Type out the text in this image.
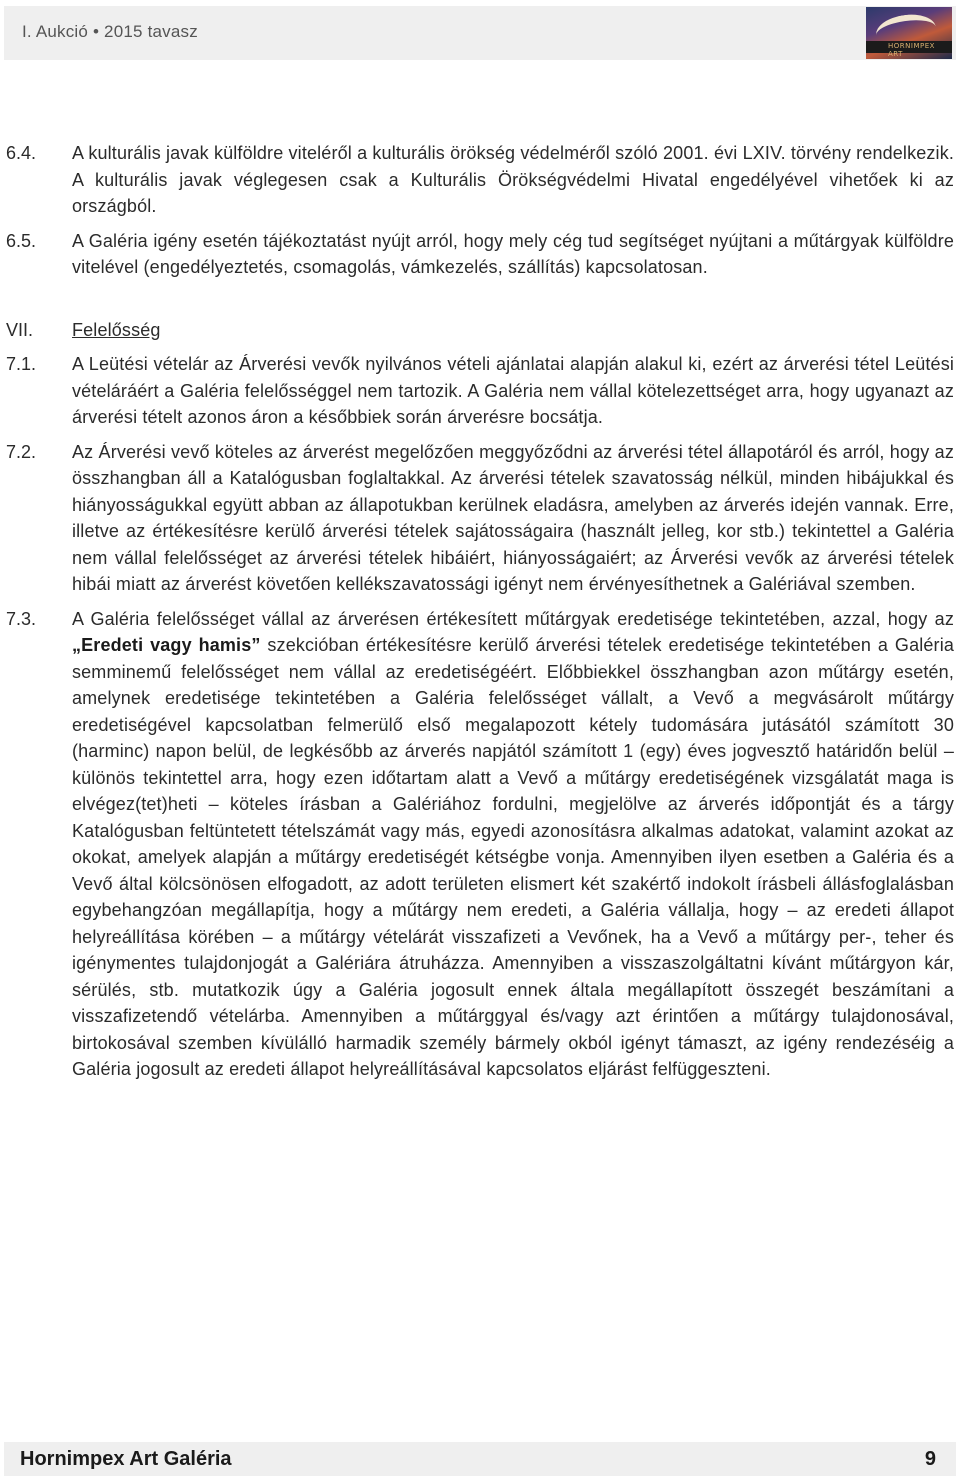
I. Aukció • 2015 tavasz
HORNIMPEX ART
6.4. A kulturális javak külföldre viteléről a kulturális örökség védelméről szóló 2001. évi LXIV. törvény rendelkezik. A kulturális javak véglegesen csak a Kulturális Örökségvédelmi Hivatal engedélyével vihetőek ki az országból.
6.5. A Galéria igény esetén tájékoztatást nyújt arról, hogy mely cég tud segítséget nyújtani a műtárgyak külföldre vitelével (engedélyeztetés, csomagolás, vámkezelés, szállítás) kapcsolatosan.
VII. Felelősség
7.1. A Leütési vételár az Árverési vevők nyilvános vételi ajánlatai alapján alakul ki, ezért az árverési tétel Leütési vételáráért a Galéria felelősséggel nem tartozik. A Galéria nem vállal kötelezettséget arra, hogy ugyanazt az árverési tételt azonos áron a későbbiek során árverésre bocsátja.
7.2. Az Árverési vevő köteles az árverést megelőzően meggyőződni az árverési tétel állapotáról és arról, hogy az összhangban áll a Katalógusban foglaltakkal. Az árverési tételek szavatosság nélkül, minden hibájukkal és hiányosságukkal együtt abban az állapotukban kerülnek eladásra, amelyben az árverés idején vannak. Erre, illetve az értékesítésre kerülő árverési tételek sajátosságaira (használt jelleg, kor stb.) tekintettel a Galéria nem vállal felelősséget az árverési tételek hibáiért, hiányosságaiért; az Árverési vevők az árverési tételek hibái miatt az árverést követően kellékszavatossági igényt nem érvényesíthetnek a Galériával szemben.
7.3. A Galéria felelősséget vállal az árverésen értékesített műtárgyak eredetisége tekintetében, azzal, hogy az „Eredeti vagy hamis” szekcióban értékesítésre kerülő árverési tételek eredetisége tekintetében a Galéria semminemű felelősséget nem vállal az eredetiségéért. Előbbiekkel összhangban azon műtárgy esetén, amelynek eredetisége tekintetében a Galéria felelősséget vállalt, a Vevő a megvásárolt műtárgy eredetiségével kapcsolatban felmerülő első megalapozott kétely tudomására jutásától számított 30 (harminc) napon belül, de legkésőbb az árverés napjától számított 1 (egy) éves jogvesztő határidőn belül – különös tekintettel arra, hogy ezen időtartam alatt a Vevő a műtárgy eredetiségének vizsgálatát maga is elvégez(tet)heti – köteles írásban a Galériához fordulni, megjelölve az árverés időpontját és a tárgy Katalógusban feltüntetett tételszámát vagy más, egyedi azonosításra alkalmas adatokat, valamint azokat az okokat, amelyek alapján a műtárgy eredetiségét kétségbe vonja. Amennyiben ilyen esetben a Galéria és a Vevő által kölcsönösen elfogadott, az adott területen elismert két szakértő indokolt írásbeli állásfoglalásban egybehangzóan megállapítja, hogy a műtárgy nem eredeti, a Galéria vállalja, hogy – az eredeti állapot helyreállítása körében – a műtárgy vételárát visszafizeti a Vevőnek, ha a Vevő a műtárgy per-, teher és igénymentes tulajdonjogát a Galériára átruházza. Amennyiben a visszaszolgáltatni kívánt műtárgyon kár, sérülés, stb. mutatkozik úgy a Galéria jogosult ennek általa megállapított összegét beszámítani a visszafizetendő vételárba. Amennyiben a műtárggyal és/vagy azt érintően a műtárgy tulajdonosával, birtokosával szemben kívülálló harmadik személy bármely okból igényt támaszt, az igény rendezéséig a Galéria jogosult az eredeti állapot helyreállításával kapcsolatos eljárást felfüggeszteni.
Hornimpex Art Galéria	9
